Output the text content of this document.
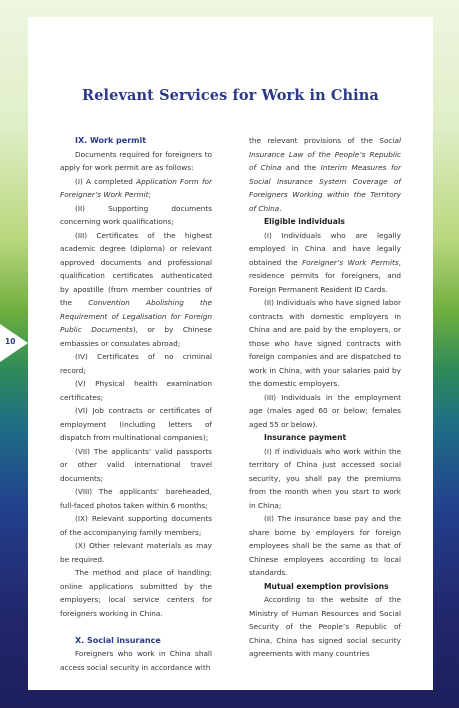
10
Relevant Services for Work in China
IX. Work permit

Documents required for foreigners to apply for work permit are as follows:

(I) A completed Application Form for Foreigner’s Work Permit;

(II) Supporting documents concerning work qualifications;

(III) Certificates of the highest academic degree (diploma) or relevant approved documents and professional qualification certificates authenticated by apostille (from member countries of the Convention Abolishing the Requirement of Legalisation for Foreign Public Documents), or by Chinese embassies or consulates abroad;

(IV) Certificates of no criminal record;

(V) Physical health examination certificates;

(VI) Job contracts or certificates of employment (including letters of dispatch from multinational companies);

(VII) The applicants’ valid passports or other valid international travel documents;

(VIII) The applicants’ bareheaded, full-faced photos taken within 6 months;

(IX) Relevant supporting documents of the accompanying family members;

(X) Other relevant materials as may be required.

The method and place of handling: online applications submitted by the employers; local service centers for foreigners working in China.

X. Social insurance

Foreigners who work in China shall access social security in accordance with

the relevant provisions of the Social Insurance Law of the People’s Republic of China and the Interim Measures for Social Insurance System Coverage of Foreigners Working within the Territory of China.

Eligible individuals

(I) Individuals who are legally employed in China and have legally obtained the Foreigner’s Work Permits, residence permits for foreigners, and Foreign Permanent Resident ID Cards.

(II) Individuals who have signed labor contracts with domestic employers in China and are paid by the employers, or those who have signed contracts with foreign companies and are dispatched to work in China, with your salaries paid by the domestic employers.

(III) Individuals in the employment age (males aged 60 or below; females aged 55 or below).

Insurance payment

(I) If individuals who work within the territory of China just accessed social security, you shall pay the premiums from the month when you start to work in China;

(II) The insurance base pay and the share borne by employers for foreign employees shall be the same as that of Chinese employees according to local standards.

Mutual exemption provisions

According to the website of the Ministry of Human Resources and Social Security of the People’s Republic of China, China has signed social security agreements with many countries
